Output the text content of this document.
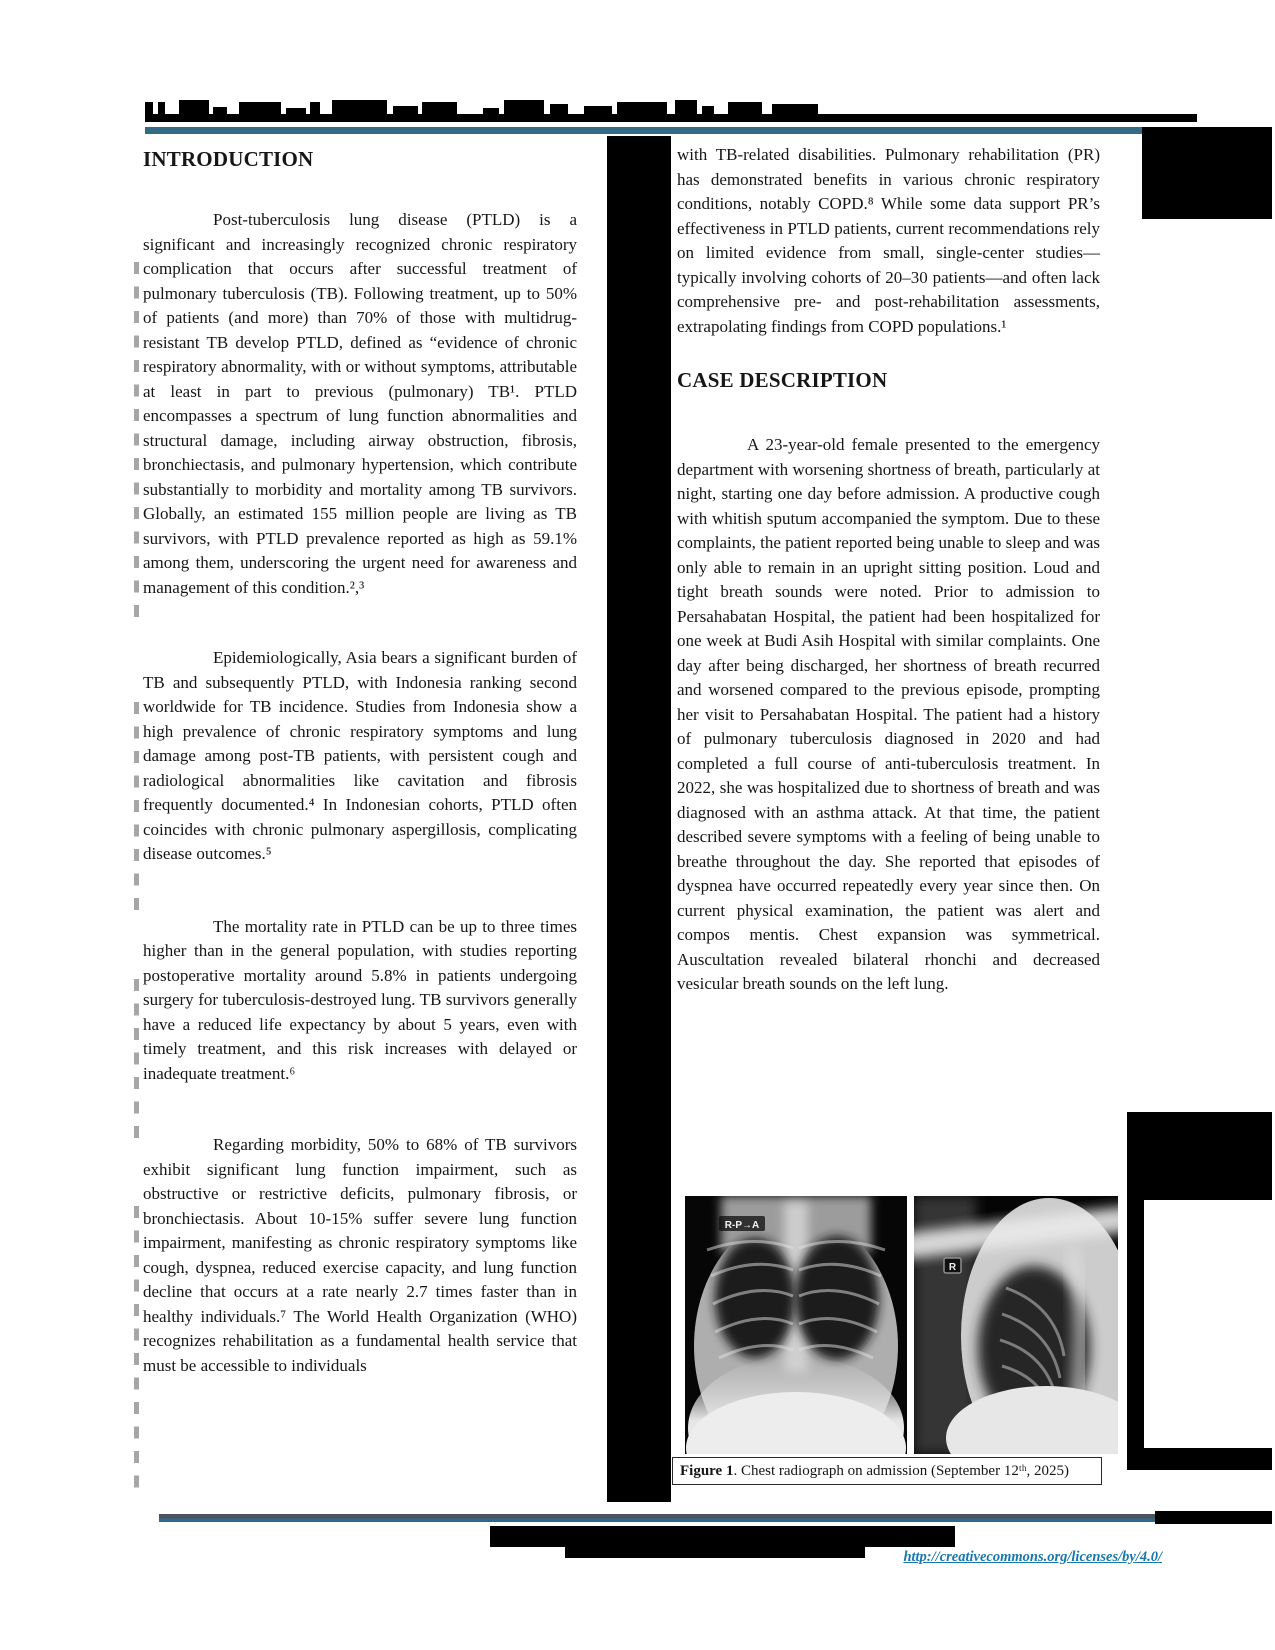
INTRODUCTION

Post-tuberculosis lung disease (PTLD) is a significant and increasingly recognized chronic respiratory complication that occurs after successful treatment of pulmonary tuberculosis (TB). Following treatment, up to 50% of patients (and more) than 70% of those with multidrug-resistant TB develop PTLD, defined as “evidence of chronic respiratory abnormality, with or without symptoms, attributable at least in part to previous (pulmonary) TB¹. PTLD encompasses a spectrum of lung function abnormalities and structural damage, including airway obstruction, fibrosis, bronchiectasis, and pulmonary hypertension, which contribute substantially to morbidity and mortality among TB survivors. Globally, an estimated 155 million people are living as TB survivors, with PTLD prevalence reported as high as 59.1% among them, underscoring the urgent need for awareness and management of this condition.²,³

Epidemiologically, Asia bears a significant burden of TB and subsequently PTLD, with Indonesia ranking second worldwide for TB incidence. Studies from Indonesia show a high prevalence of chronic respiratory symptoms and lung damage among post-TB patients, with persistent cough and radiological abnormalities like cavitation and fibrosis frequently documented.⁴ In Indonesian cohorts, PTLD often coincides with chronic pulmonary aspergillosis, complicating disease outcomes.⁵

The mortality rate in PTLD can be up to three times higher than in the general population, with studies reporting postoperative mortality around 5.8% in patients undergoing surgery for tuberculosis-destroyed lung. TB survivors generally have a reduced life expectancy by about 5 years, even with timely treatment, and this risk increases with delayed or inadequate treatment.⁶

Regarding morbidity, 50% to 68% of TB survivors exhibit significant lung function impairment, such as obstructive or restrictive deficits, pulmonary fibrosis, or bronchiectasis. About 10-15% suffer severe lung function impairment, manifesting as chronic respiratory symptoms like cough, dyspnea, reduced exercise capacity, and lung function decline that occurs at a rate nearly 2.7 times faster than in healthy individuals.⁷ The World Health Organization (WHO) recognizes rehabilitation as a fundamental health service that must be accessible to individuals

with TB-related disabilities. Pulmonary rehabilitation (PR) has demonstrated benefits in various chronic respiratory conditions, notably COPD.⁸ While some data support PR’s effectiveness in PTLD patients, current recommendations rely on limited evidence from small, single-center studies—typically involving cohorts of 20–30 patients—and often lack comprehensive pre- and post-rehabilitation assessments, extrapolating findings from COPD populations.¹

CASE DESCRIPTION

A 23-year-old female presented to the emergency department with worsening shortness of breath, particularly at night, starting one day before admission. A productive cough with whitish sputum accompanied the symptom. Due to these complaints, the patient reported being unable to sleep and was only able to remain in an upright sitting position. Loud and tight breath sounds were noted. Prior to admission to Persahabatan Hospital, the patient had been hospitalized for one week at Budi Asih Hospital with similar complaints. One day after being discharged, her shortness of breath recurred and worsened compared to the previous episode, prompting her visit to Persahabatan Hospital. The patient had a history of pulmonary tuberculosis diagnosed in 2020 and had completed a full course of anti-tuberculosis treatment. In 2022, she was hospitalized due to shortness of breath and was diagnosed with an asthma attack. At that time, the patient described severe symptoms with a feeling of being unable to breathe throughout the day. She reported that episodes of dyspnea have occurred repeatedly every year since then. On current physical examination, the patient was alert and compos mentis. Chest expansion was symmetrical. Auscultation revealed bilateral rhonchi and decreased vesicular breath sounds on the left lung.

R-P→A
R
Figure 1. Chest radiograph on admission (September 12ᵗʰ, 2025)
http://creativecommons.org/licenses/by/4.0/
